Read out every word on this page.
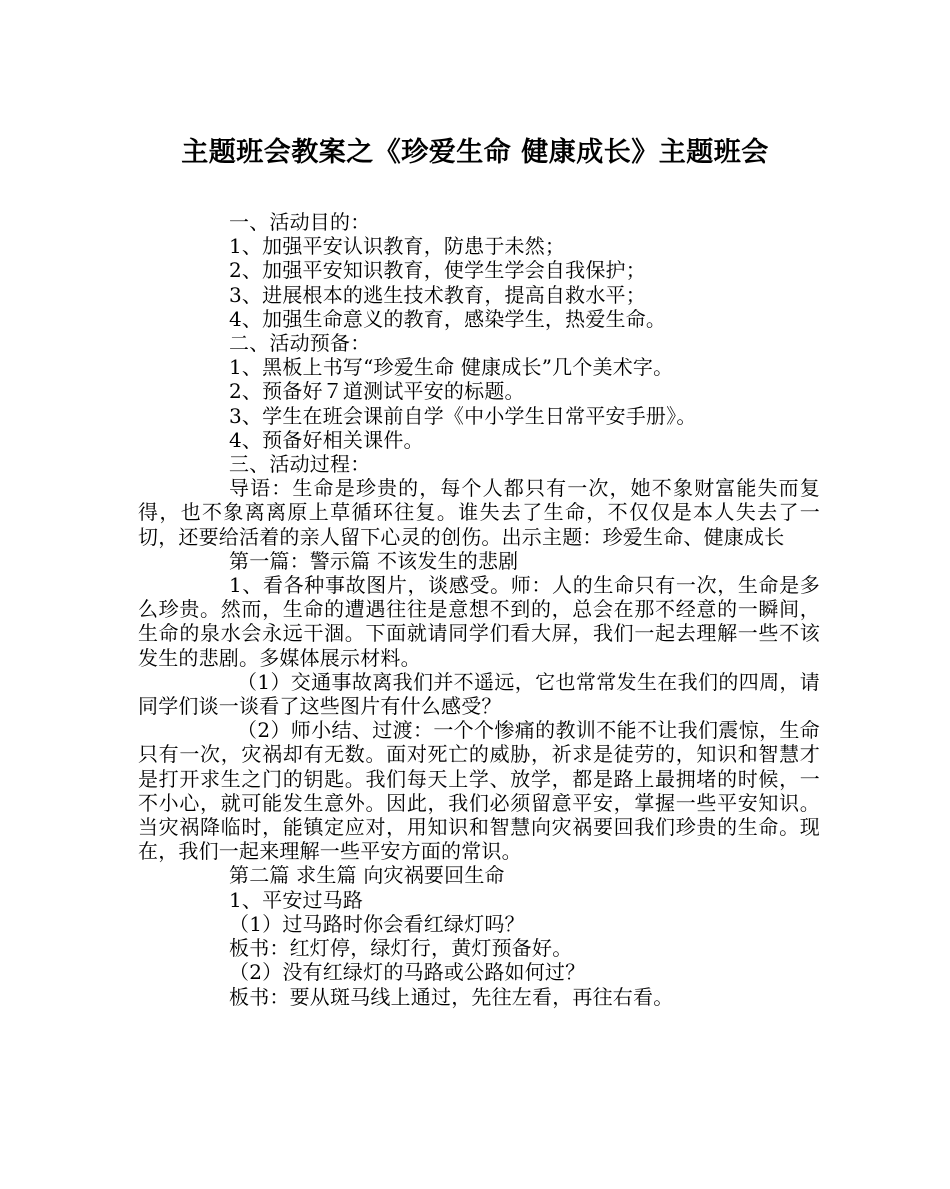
主题班会教案之《珍爱生命 健康成长》主题班会

一、活动目的：

1、加强平安认识教育，防患于未然；

2、加强平安知识教育，使学生学会自我保护；

3、进展根本的逃生技术教育，提高自救水平；

4、加强生命意义的教育，感染学生，热爱生命。

二、活动预备：

1、黑板上书写“珍爱生命 健康成长”几个美术字。

2、预备好７道测试平安的标题。

3、学生在班会课前自学《中小学生日常平安手册》。

4、预备好相关课件。

三、活动过程：

导语：生命是珍贵的，每个人都只有一次，她不象财富能失而复得，也不象离离原上草循环往复。谁失去了生命，不仅仅是本人失去了一切，还要给活着的亲人留下心灵的创伤。出示主题：珍爱生命、健康成长

第一篇：警示篇 不该发生的悲剧

1、看各种事故图片，谈感受。师：人的生命只有一次，生命是多么珍贵。然而，生命的遭遇往往是意想不到的，总会在那不经意的一瞬间，生命的泉水会永远干涸。下面就请同学们看大屏，我们一起去理解一些不该发生的悲剧。多媒体展示材料。

（1）交通事故离我们并不遥远，它也常常发生在我们的四周，请同学们谈一谈看了这些图片有什么感受？

（2）师小结、过渡：一个个惨痛的教训不能不让我们震惊，生命只有一次，灾祸却有无数。面对死亡的威胁，祈求是徒劳的，知识和智慧才是打开求生之门的钥匙。我们每天上学、放学，都是路上最拥堵的时候，一不小心，就可能发生意外。因此，我们必须留意平安，掌握一些平安知识。当灾祸降临时，能镇定应对，用知识和智慧向灾祸要回我们珍贵的生命。现在，我们一起来理解一些平安方面的常识。

第二篇 求生篇 向灾祸要回生命

1、平安过马路

（1）过马路时你会看红绿灯吗？

板书：红灯停，绿灯行，黄灯预备好。

（2）没有红绿灯的马路或公路如何过？

板书：要从斑马线上通过，先往左看，再往右看。
